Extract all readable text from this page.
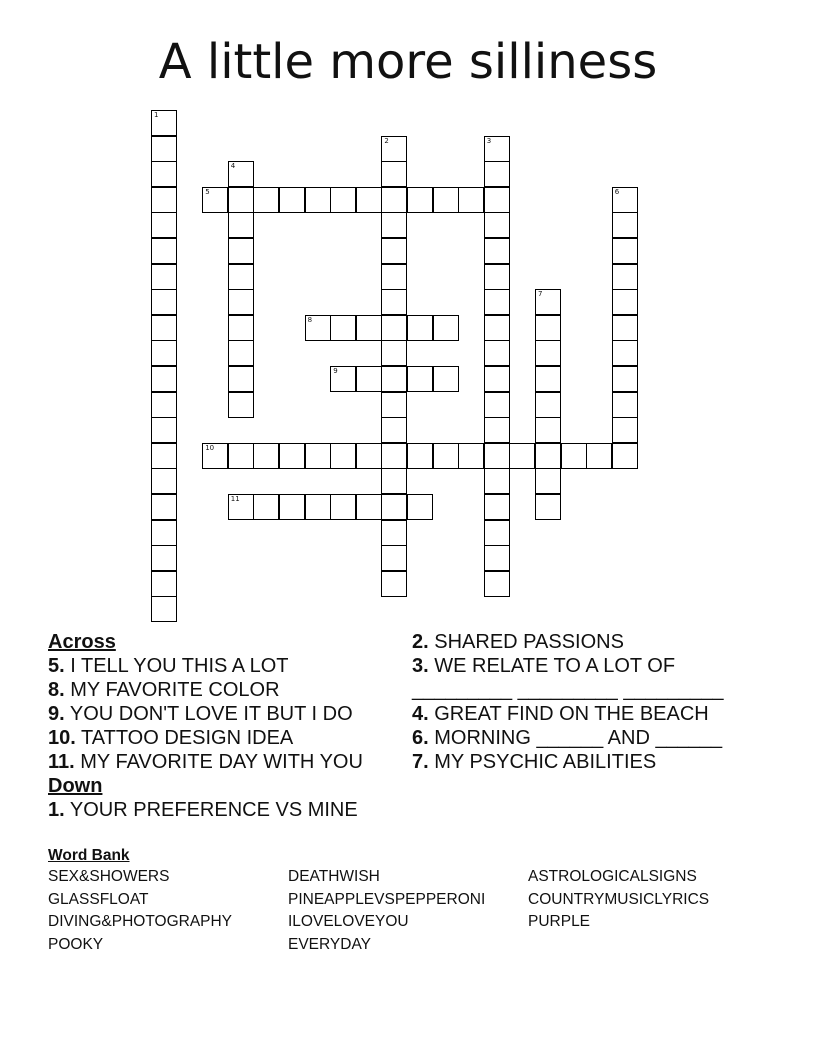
A little more silliness
5
8
9
10
11
1
2	3
4
6
7
Across

5. I TELL YOU THIS A LOT

8. MY FAVORITE COLOR

9. YOU DON'T LOVE IT BUT I DO

10. TATTOO DESIGN IDEA

11. MY FAVORITE DAY WITH YOU

Down

1. YOUR PREFERENCE VS MINE

2. SHARED PASSIONS

3. WE RELATE TO A LOT OF _________ _________ _________

4. GREAT FIND ON THE BEACH

6. MORNING ______ AND ______

7. MY PSYCHIC ABILITIES

Word Bank
SEX&SHOWERS	DEATHWISH	ASTROLOGICALSIGNS
GLASSFLOAT	PINEAPPLEVSPEPPERONI	COUNTRYMUSICLYRICS
DIVING&PHOTOGRAPHY	ILOVELOVEYOU	PURPLE
POOKY	EVERYDAY
